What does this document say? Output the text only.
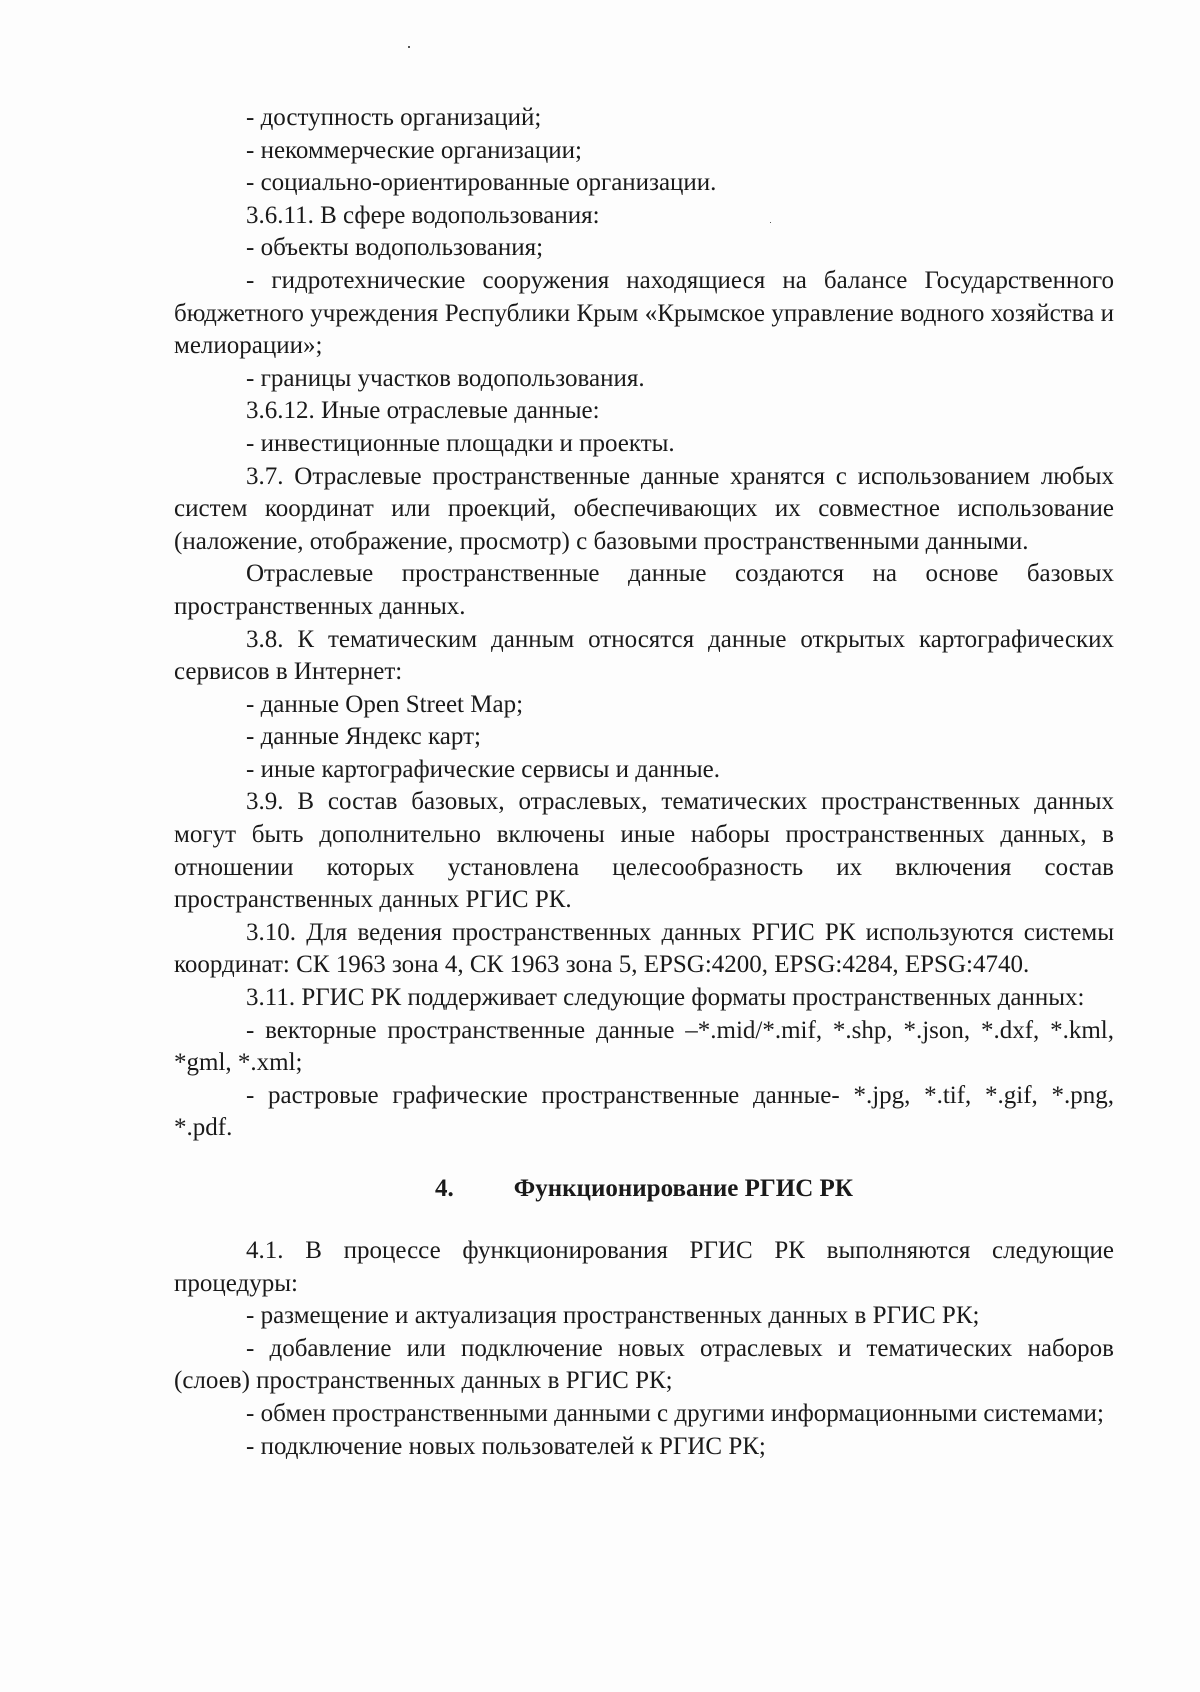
- доступность организаций;

- некоммерческие организации;

- социально-ориентированные организации.

3.6.11. В сфере водопользования:

- объекты водопользования;

- гидротехнические сооружения находящиеся на балансе Государственного бюджетного учреждения Республики Крым «Крымское управление водного хозяйства и мелиорации»;

- границы участков водопользования.

3.6.12. Иные отраслевые данные:

- инвестиционные площадки и проекты.

3.7. Отраслевые пространственные данные хранятся с использованием любых систем координат или проекций, обеспечивающих их совместное использование (наложение, отображение, просмотр) с базовыми пространственными данными.

Отраслевые пространственные данные создаются на основе базовых пространственных данных.

3.8. К тематическим данным относятся данные открытых картографических сервисов в Интернет:

- данные Open Street Map;

- данные Яндекс карт;

- иные картографические сервисы и данные.

3.9. В состав базовых, отраслевых, тематических пространственных данных могут быть дополнительно включены иные наборы пространственных данных, в отношении которых установлена целесообразность их включения состав пространственных данных РГИС РК.

3.10. Для ведения пространственных данных РГИС РК используются системы координат: СК 1963 зона 4, СК 1963 зона 5, EPSG:4200, EPSG:4284, EPSG:4740.

3.11. РГИС РК поддерживает следующие форматы пространственных данных:

- векторные пространственные данные –*.mid/*.mif, *.shp, *.json, *.dxf, *.kml, *gml, *.xml;

- растровые графические пространственные данные- *.jpg, *.tif, *.gif, *.png, *.pdf.

4. Функционирование РГИС РК

4.1. В процессе функционирования РГИС РК выполняются следующие процедуры:

- размещение и актуализация пространственных данных в РГИС РК;

- добавление или подключение новых отраслевых и тематических наборов (слоев) пространственных данных в РГИС РК;

- обмен пространственными данными с другими информационными системами;

- подключение новых пользователей к РГИС РК;
